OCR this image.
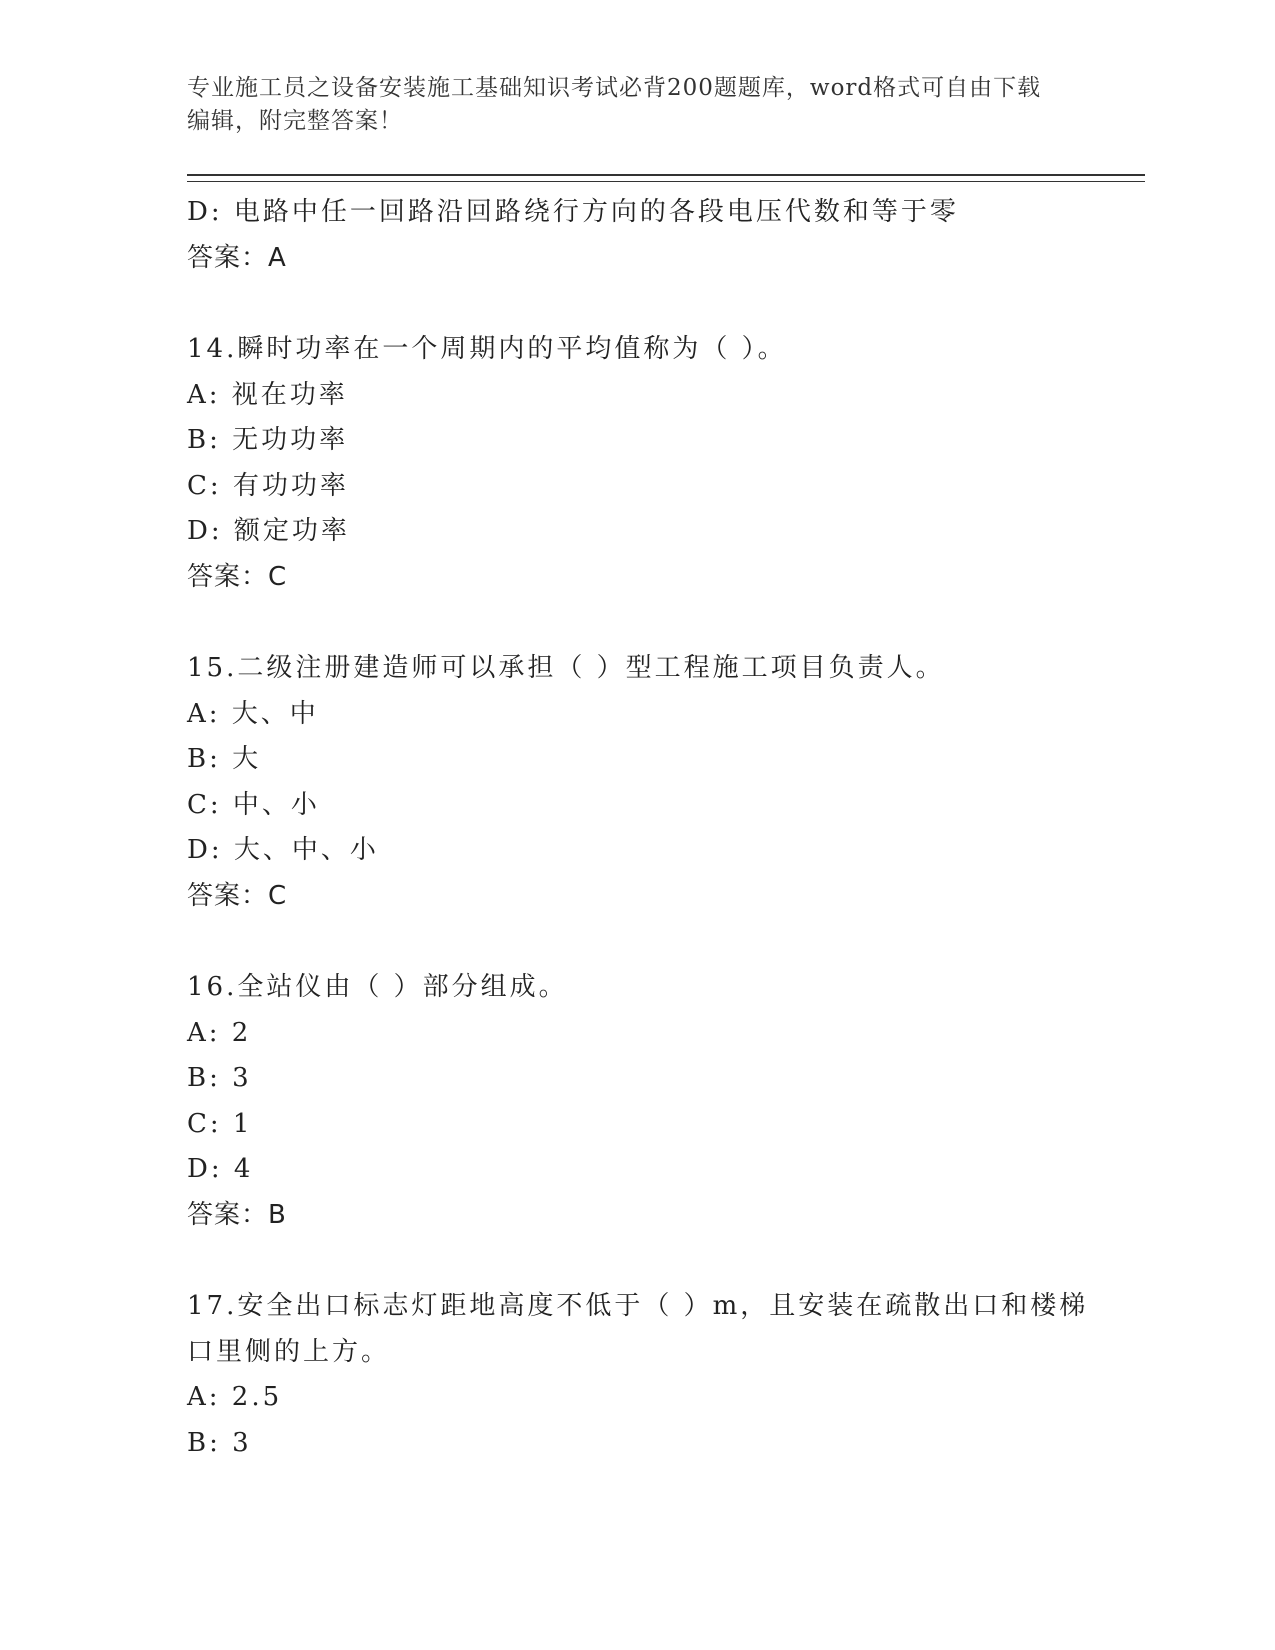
专业施工员之设备安装施工基础知识考试必背200题题库，word格式可自由下载
编辑，附完整答案！
D: 电路中任一回路沿回路绕行方向的各段电压代数和等于零
答案：A
14.瞬时功率在一个周期内的平均值称为（ ）。
A: 视在功率
B: 无功功率
C: 有功功率
D: 额定功率
答案：C
15.二级注册建造师可以承担（ ）型工程施工项目负责人。
A: 大、中
B: 大
C: 中、小
D: 大、中、小
答案：C
16.全站仪由（ ）部分组成。
A: 2
B: 3
C: 1
D: 4
答案：B
17.安全出口标志灯距地高度不低于（ ）m，且安装在疏散出口和楼梯
口里侧的上方。
A: 2.5
B: 3
